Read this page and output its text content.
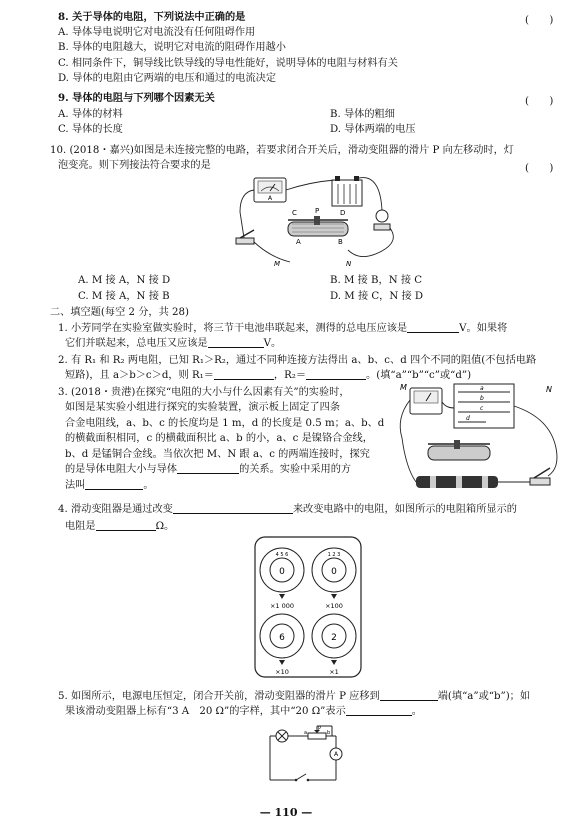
8. 关于导体的电阻，下列说法中正确的是	(　　)
A. 导体导电说明它对电流没有任何阻碍作用
B. 导体的电阻越大，说明它对电流的阻碍作用越小
C. 相同条件下，铜导线比铁导线的导电性能好，说明导体的电阻与材料有关
D. 导体的电阻由它两端的电压和通过的电流决定
9. 导体的电阻与下列哪个因素无关	(　　)
A. 导体的材料	B. 导体的粗细
C. 导体的长度	D. 导体两端的电压
10. (2018・嘉兴)如图是未连接完整的电路，若要求闭合开关后，滑动变阻器的滑片 P 向左移动时，灯
(　　)
泡变亮。则下列接法符合要求的是
A
C	P	D
A	B
M	N
A. M 接 A，N 接 D	B. M 接 B，N 接 C
C. M 接 A，N 接 B	D. M 接 C，N 接 D
二、填空题(每空 2 分，共 28)
1. 小芳同学在实验室做实验时，将三节干电池串联起来，测得的总电压应该是	V。如果将
它们并联起来，总电压又应该是	V。
2. 有 R₁ 和 R₂ 两电阻，已知 R₁＞R₂，通过不同种连接方法得出 a、b、c、d 四个不同的阻值(不包括电路
短路)，且 a＞b＞c＞d，则 R₁＝	，R₂＝	。(填“a”“b”“c”或“d”)
3. (2018・贵港)在探究“电阻的大小与什么因素有关”的实验时，
如图是某实验小组进行探究的实验装置，演示板上固定了四条
合金电阻线，a、b、c 的长度均是 1 m，d 的长度是 0.5 m；a、b、d
的横截面积相同，c 的横截面积比 a、b 的小，a、c 是镍铬合金线，
b、d 是锰铜合金线。当依次把 M、N 跟 a、c 的两端连接时，探究
的是导体电阻大小与导体	的关系。实验中采用的方
法叫	。
M	a
b
c
d
N
4. 滑动变阻器是通过改变	来改变电路中的电阻，如图所示的电阻箱所显示的
电阻是	Ω。
0
4 5 6
0
1 2 3
×1 000	×100
6	2
×10	×1
5. 如图所示，电源电压恒定，闭合开关前，滑动变阻器的滑片 P 应移到	端(填“a”或“b”)；如
果该滑动变阻器上标有“3 A　20 Ω”的字样，其中“20 Ω”表示	。
a
P
b
A
— 110 —
